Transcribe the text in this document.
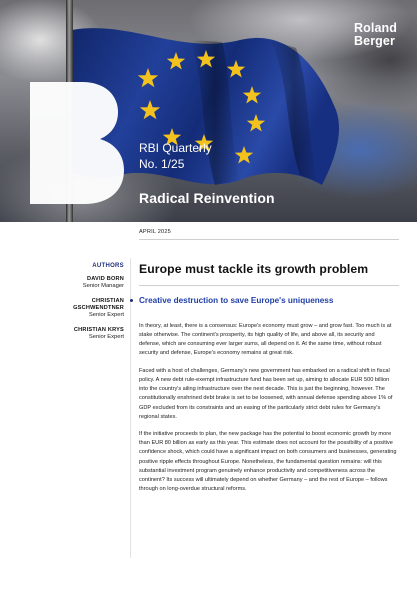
Roland
Berger
RBI Quarterly
No. 1/25
Radical Reinvention
APRIL 2025
AUTHORS
DAVID BORN
Senior Manager
CHRISTIAN
GSCHWENDTNER
Senior Expert
CHRISTIAN KRYS
Senior Expert
Europe must tackle its growth problem
Creative destruction to save Europe's uniqueness

In theory, at least, there is a consensus: Europe's economy must grow – and grow fast. Too much is at stake otherwise. The continent's prosperity, its high quality of life, and above all, its security and defense, which are consuming ever larger sums, all depend on it. At the same time, without robust security and defense, Europe's economy remains at great risk.

Faced with a host of challenges, Germany's new government has embarked on a radical shift in fiscal policy. A new debt rule-exempt infrastructure fund has been set up, aiming to allocate EUR 500 billion into the country's ailing infrastructure over the next decade. This is just the beginning, however. The constitutionally enshrined debt brake is set to be loosened, with annual defense spending above 1% of GDP excluded from its constraints and an easing of the particularly strict debt rules for Germany's regional states.

If the initiative proceeds to plan, the new package has the potential to boost economic growth by more than EUR 80 billion as early as this year. This estimate does not account for the possibility of a positive confidence shock, which could have a significant impact on both consumers and businesses, generating positive ripple effects throughout Europe. Nonetheless, the fundamental question remains: will this substantial investment program genuinely enhance productivity and competitiveness across the continent? Its success will ultimately depend on whether Germany – and the rest of Europe – follows through on long-overdue structural reforms.
